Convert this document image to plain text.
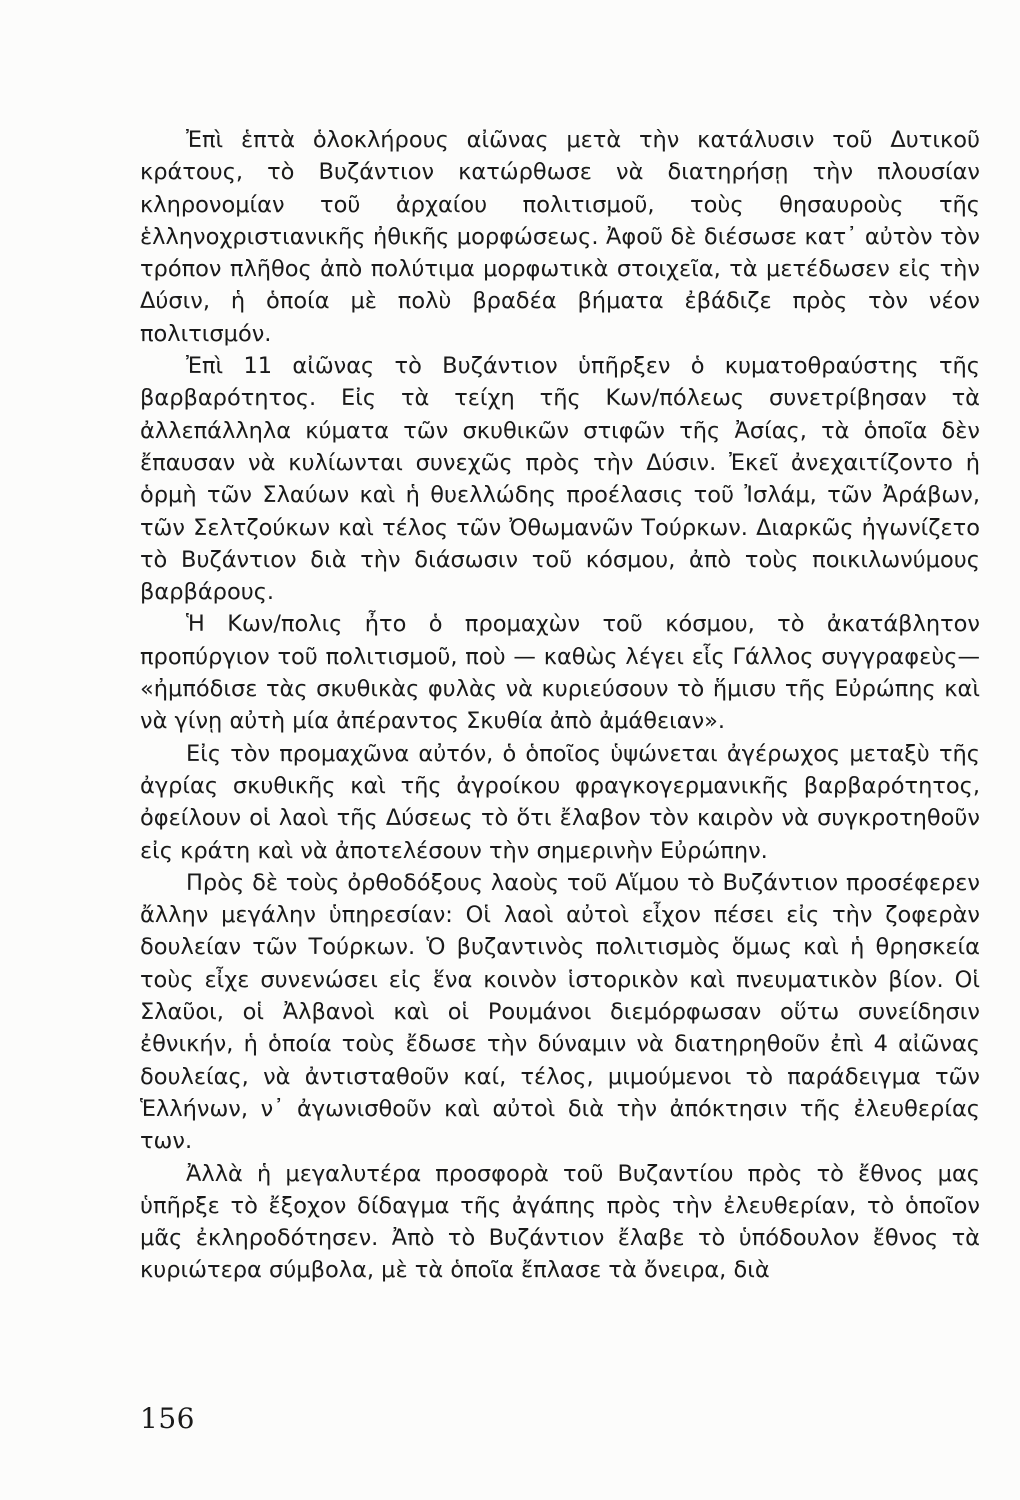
Ἐπὶ ἑπτὰ ὁλοκλήρους αἰῶνας μετὰ τὴν κατάλυσιν τοῦ Δυτικοῦ κράτους, τὸ Βυζάντιον κατώρθωσε νὰ διατηρήσῃ τὴν πλουσίαν κληρονομίαν τοῦ ἀρχαίου πολιτισμοῦ, τοὺς θησαυροὺς τῆς ἑλληνοχριστιανικῆς ἠθικῆς μορφώσεως. Ἀφοῦ δὲ διέσωσε κατ᾽ αὐτὸν τὸν τρόπον πλῆθος ἀπὸ πολύτιμα μορφωτικὰ στοιχεῖα, τὰ μετέδωσεν εἰς τὴν Δύσιν, ἡ ὁποία μὲ πολὺ βραδέα βήματα ἐβάδιζε πρὸς τὸν νέον πολιτισμόν.

Ἐπὶ 11 αἰῶνας τὸ Βυζάντιον ὑπῆρξεν ὁ κυματοθραύστης τῆς βαρβαρότητος. Εἰς τὰ τείχη τῆς Κων/πόλεως συνετρίβησαν τὰ ἀλλεπάλληλα κύματα τῶν σκυθικῶν στιφῶν τῆς Ἀσίας, τὰ ὁποῖα δὲν ἔπαυσαν νὰ κυλίωνται συνεχῶς πρὸς τὴν Δύσιν. Ἐκεῖ ἀνεχαιτίζοντο ἡ ὁρμὴ τῶν Σλαύων καὶ ἡ θυελλώδης προέλασις τοῦ Ἰσλάμ, τῶν Ἀράβων, τῶν Σελτζούκων καὶ τέλος τῶν Ὀθωμανῶν Τούρκων. Διαρκῶς ἠγωνίζετο τὸ Βυζάντιον διὰ τὴν διάσωσιν τοῦ κόσμου, ἀπὸ τοὺς ποικιλωνύμους βαρβάρους.

Ἡ Κων/πολις ἦτο ὁ προμαχὼν τοῦ κόσμου, τὸ ἀκατάβλητον προπύργιον τοῦ πολιτισμοῦ, ποὺ — καθὼς λέγει εἷς Γάλλος συγγραφεὺς— «ἠμπόδισε τὰς σκυθικὰς φυλὰς νὰ κυριεύσουν τὸ ἥμισυ τῆς Εὐρώπης καὶ νὰ γίνῃ αὐτὴ μία ἀπέραντος Σκυθία ἀπὸ ἀμάθειαν».

Εἰς τὸν προμαχῶνα αὐτόν, ὁ ὁποῖος ὑψώνεται ἀγέρωχος μεταξὺ τῆς ἀγρίας σκυθικῆς καὶ τῆς ἀγροίκου φραγκογερμανικῆς βαρβαρότητος, ὀφείλουν οἱ λαοὶ τῆς Δύσεως τὸ ὅτι ἔλαβον τὸν καιρὸν νὰ συγκροτηθοῦν εἰς κράτη καὶ νὰ ἀποτελέσουν τὴν σημερινὴν Εὐρώπην.

Πρὸς δὲ τοὺς ὀρθοδόξους λαοὺς τοῦ Αἵμου τὸ Βυζάντιον προσέφερεν ἄλλην μεγάλην ὑπηρεσίαν: Οἱ λαοὶ αὐτοὶ εἶχον πέσει εἰς τὴν ζοφερὰν δουλείαν τῶν Τούρκων. Ὁ βυζαντινὸς πολιτισμὸς ὅμως καὶ ἡ θρησκεία τοὺς εἶχε συνενώσει εἰς ἕνα κοινὸν ἱστορικὸν καὶ πνευματικὸν βίον. Οἱ Σλαῦοι, οἱ Ἀλβανοὶ καὶ οἱ Ρουμάνοι διεμόρφωσαν οὕτω συνείδησιν ἐθνικήν, ἡ ὁποία τοὺς ἔδωσε τὴν δύναμιν νὰ διατηρηθοῦν ἐπὶ 4 αἰῶνας δουλείας, νὰ ἀντισταθοῦν καί, τέλος, μιμούμενοι τὸ παράδειγμα τῶν Ἑλλήνων, ν᾽ ἀγωνισθοῦν καὶ αὐτοὶ διὰ τὴν ἀπόκτησιν τῆς ἐλευθερίας των.

Ἀλλὰ ἡ μεγαλυτέρα προσφορὰ τοῦ Βυζαντίου πρὸς τὸ ἔθνος μας ὑπῆρξε τὸ ἔξοχον δίδαγμα τῆς ἀγάπης πρὸς τὴν ἐλευθερίαν, τὸ ὁποῖον μᾶς ἐκληροδότησεν. Ἀπὸ τὸ Βυζάντιον ἔλαβε τὸ ὑπόδουλον ἔθνος τὰ κυριώτερα σύμβολα, μὲ τὰ ὁποῖα ἔπλασε τὰ ὄνειρα, διὰ

156
